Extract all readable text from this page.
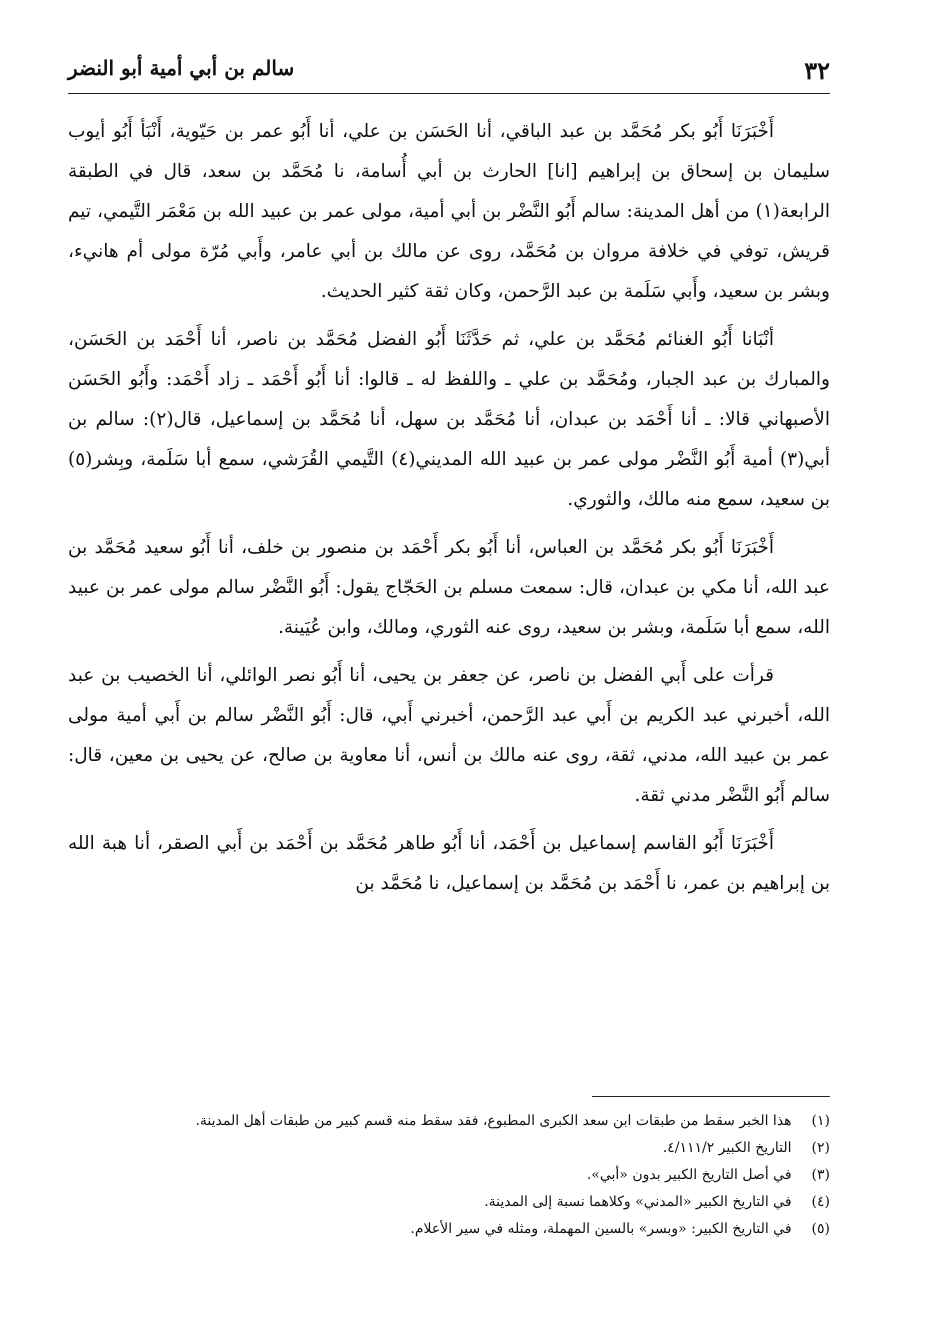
٣٢
سالم بن أبي أمية أبو النضر

أَخْبَرَنَا أَبُو بكر مُحَمَّد بن عبد الباقي، أنا الحَسَن بن علي، أنا أَبُو عمر بن حَيّوية، أَنْبَأ أَبُو أيوب سليمان بن إسحاق بن إبراهيم [انا] الحارث بن أبي أُسامة، نا مُحَمَّد بن سعد، قال في الطبقة الرابعة(١) من أهل المدينة: سالم أَبُو النَّضْر بن أبي أمية، مولى عمر بن عبيد الله بن مَعْمَر التَّيمي، تيم قريش، توفي في خلافة مروان بن مُحَمَّد، روى عن مالك بن أبي عامر، وأَبي مُرّة مولى أم هانيء، وبشر بن سعيد، وأَبي سَلَمة بن عبد الرَّحمن، وكان ثقة كثير الحديث.

أنْبَانا أَبُو الغنائم مُحَمَّد بن علي، ثم حَدَّثَنَا أَبُو الفضل مُحَمَّد بن ناصر، أنا أَحْمَد بن الحَسَن، والمبارك بن عبد الجبار، ومُحَمَّد بن علي ـ واللفظ له ـ قالوا: أنا أَبُو أَحْمَد ـ زاد أَحْمَد: وأَبُو الحَسَن الأصبهاني قالا: ـ أنا أَحْمَد بن عبدان، أنا مُحَمَّد بن سهل، أنا مُحَمَّد بن إسماعيل، قال(٢): سالم بن أبي(٣) أمية أَبُو النَّضْر مولى عمر بن عبيد الله المديني(٤) التَّيمي القُرَشي، سمع أبا سَلَمة، وبِشر(٥) بن سعيد، سمع منه مالك، والثوري.

أَخْبَرَنَا أَبُو بكر مُحَمَّد بن العباس، أنا أَبُو بكر أَحْمَد بن منصور بن خلف، أنا أَبُو سعيد مُحَمَّد بن عبد الله، أنا مكي بن عبدان، قال: سمعت مسلم بن الحَجّاج يقول: أَبُو النَّضْر سالم مولى عمر بن عبيد الله، سمع أبا سَلَمة، وبشر بن سعيد، روى عنه الثوري، ومالك، وابن عُيَينة.

قرأت على أَبي الفضل بن ناصر، عن جعفر بن يحيى، أنا أَبُو نصر الوائلي، أنا الخصيب بن عبد الله، أخبرني عبد الكريم بن أَبي عبد الرَّحمن، أخبرني أَبي، قال: أَبُو النَّضْر سالم بن أَبي أمية مولى عمر بن عبيد الله، مدني، ثقة، روى عنه مالك بن أنس، أنا معاوية بن صالح، عن يحيى بن معين، قال: سالم أَبُو النَّضْر مدني ثقة.

أَخْبَرَنَا أَبُو القاسم إسماعيل بن أَحْمَد، أنا أَبُو طاهر مُحَمَّد بن أَحْمَد بن أَبي الصقر، أنا هبة الله بن إبراهيم بن عمر، نا أَحْمَد بن مُحَمَّد بن إسماعيل، نا مُحَمَّد بن

(١) هذا الخبر سقط من طبقات ابن سعد الكبرى المطبوع، فقد سقط منه قسم كبير من طبقات أهل المدينة.
(٢) التاريخ الكبير ٤/١١١/٢.
(٣) في أصل التاريخ الكبير بدون «أبي».
(٤) في التاريخ الكبير «المدني» وكلاهما نسبة إلى المدينة.
(٥) في التاريخ الكبير: «وبسر» بالسين المهملة، ومثله في سير الأعلام.
